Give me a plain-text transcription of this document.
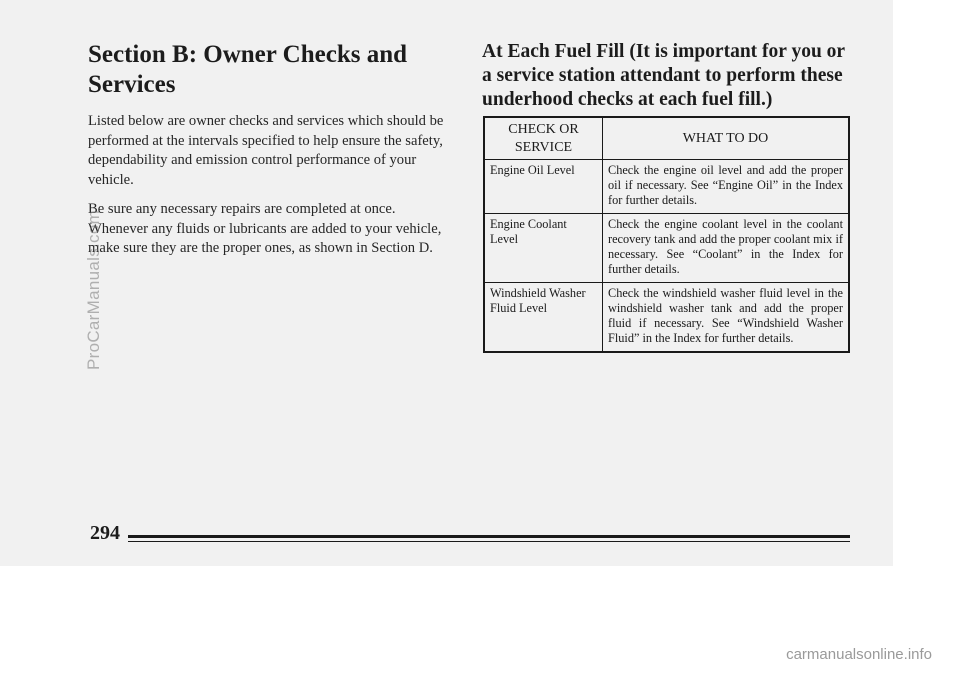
Section B: Owner Checks and Services

Listed below are owner checks and services which should be performed at the intervals specified to help ensure the safety, dependability and emission control performance of your vehicle.

Be sure any necessary repairs are completed at once. Whenever any fluids or lubricants are added to your vehicle, make sure they are the proper ones, as shown in Section D.

At Each Fuel Fill (It is important for you or a service station attendant to perform these underhood checks at each fuel fill.)
CHECK OR SERVICE	WHAT TO DO
Engine Oil Level	Check the engine oil level and add the proper oil if necessary. See “Engine Oil” in the Index for further details.
Engine Coolant Level	Check the engine coolant level in the coolant recovery tank and add the proper coolant mix if necessary. See “Coolant” in the Index for further details.
Windshield Washer Fluid Level	Check the windshield washer fluid level in the windshield washer tank and add the proper fluid if necessary. See “Windshield Washer Fluid” in the Index for further details.
ProCarManuals.com
294
carmanualsonline.info
